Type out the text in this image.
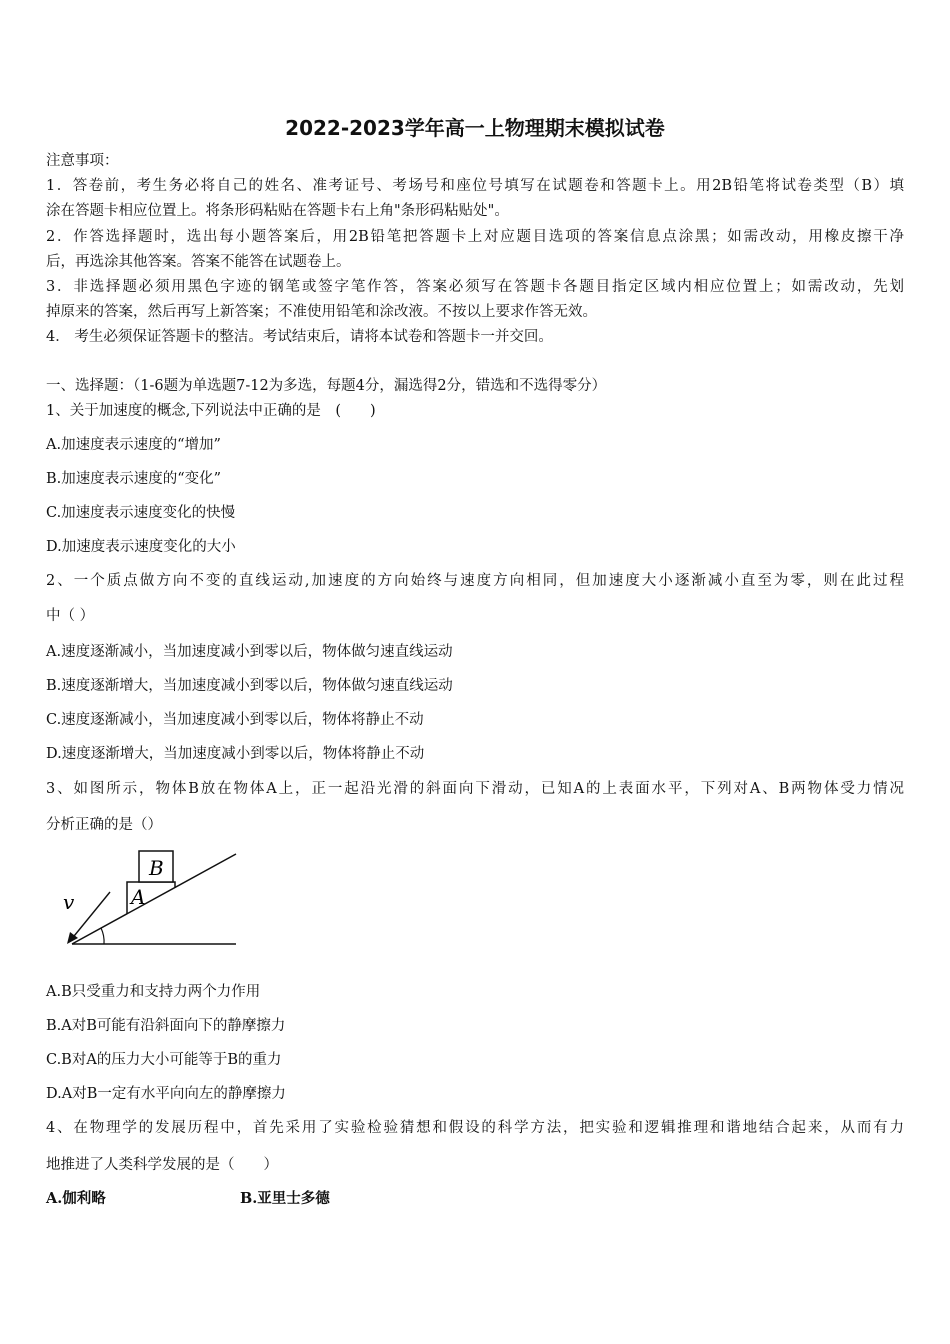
2022-2023学年高一上物理期末模拟试卷
注意事项：
1．答卷前，考生务必将自己的姓名、准考证号、考场号和座位号填写在试题卷和答题卡上。用2B铅笔将试卷类型（B）填
涂在答题卡相应位置上。将条形码粘贴在答题卡右上角"条形码粘贴处"。
2．作答选择题时，选出每小题答案后，用2B铅笔把答题卡上对应题目选项的答案信息点涂黑；如需改动，用橡皮擦干净
后，再选涂其他答案。答案不能答在试题卷上。
3．非选择题必须用黑色字迹的钢笔或签字笔作答，答案必须写在答题卡各题目指定区域内相应位置上；如需改动，先划
掉原来的答案，然后再写上新答案；不准使用铅笔和涂改液。不按以上要求作答无效。
4． 考生必须保证答题卡的整洁。考试结束后，请将本试卷和答题卡一并交回。
一、选择题：（1-6题为单选题7-12为多选，每题4分，漏选得2分，错选和不选得零分）
1、关于加速度的概念,下列说法中正确的是　(　　)
A.加速度表示速度的“增加”
B.加速度表示速度的“变化”
C.加速度表示速度变化的快慢
D.加速度表示速度变化的大小
2、一个质点做方向不变的直线运动,加速度的方向始终与速度方向相同，但加速度大小逐渐减小直至为零，则在此过程
中（ ）
A.速度逐渐减小，当加速度减小到零以后，物体做匀速直线运动
B.速度逐渐增大，当加速度减小到零以后，物体做匀速直线运动
C.速度逐渐减小，当加速度减小到零以后，物体将静止不动
D.速度逐渐增大，当加速度减小到零以后，物体将静止不动
3、如图所示，物体B放在物体A上，正一起沿光滑的斜面向下滑动，已知A的上表面水平，下列对A、B两物体受力情况
分析正确的是（）
B
A
v
A.B只受重力和支持力两个力作用
B.A对B可能有沿斜面向下的静摩擦力
C.B对A的压力大小可能等于B的重力
D.A对B一定有水平向向左的静摩擦力
4、在物理学的发展历程中，首先采用了实验检验猜想和假设的科学方法，把实验和逻辑推理和谐地结合起来，从而有力
地推进了人类科学发展的是（　　）
A.伽利略	B.亚里士多德
